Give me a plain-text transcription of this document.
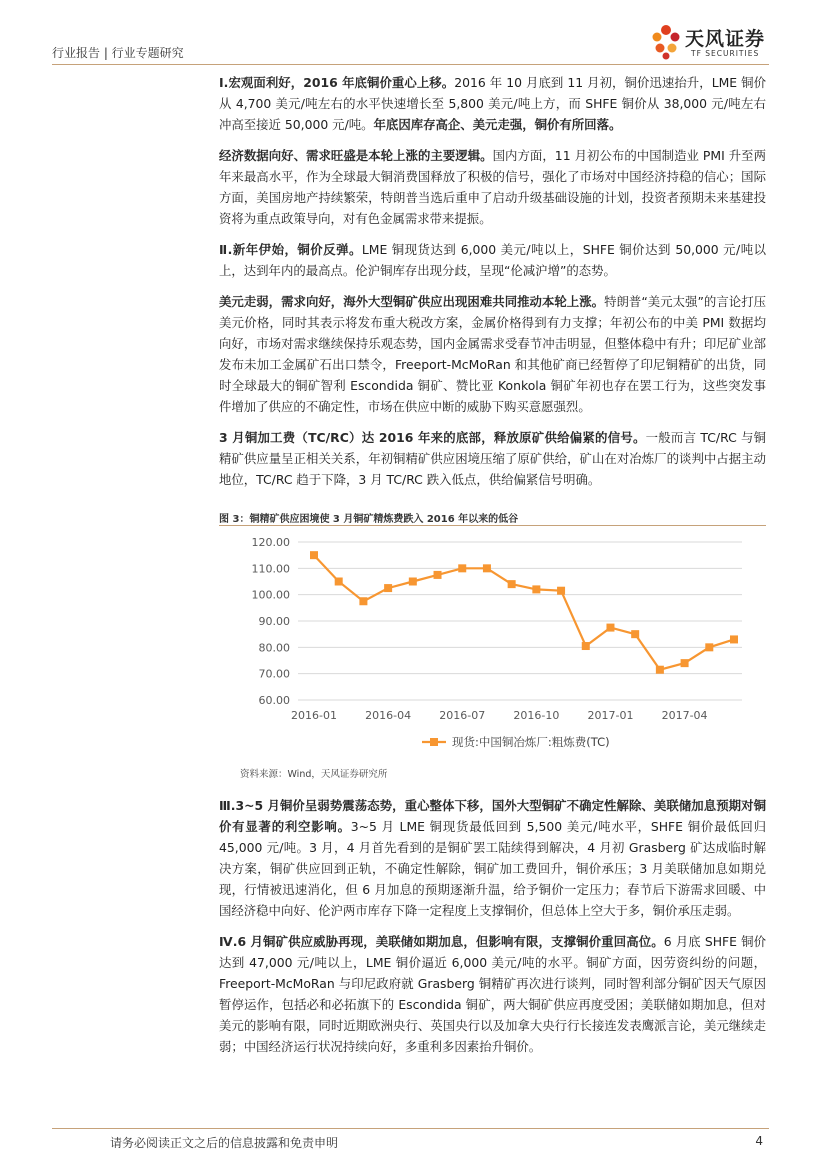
行业报告 | 行业专题研究
天风证券
TF SECURITIES

Ⅰ.宏观面利好，2016 年底铜价重心上移。2016 年 10 月底到 11 月初，铜价迅速抬升，LME 铜价从 4,700 美元/吨左右的水平快速增长至 5,800 美元/吨上方，而 SHFE 铜价从 38,000 元/吨左右冲高至接近 50,000 元/吨。年底因库存高企、美元走强，铜价有所回落。

经济数据向好、需求旺盛是本轮上涨的主要逻辑。国内方面，11 月初公布的中国制造业 PMI 升至两年来最高水平，作为全球最大铜消费国释放了积极的信号，强化了市场对中国经济持稳的信心；国际方面，美国房地产持续繁荣，特朗普当选后重申了启动升级基础设施的计划，投资者预期未来基建投资将为重点政策导向，对有色金属需求带来提振。

Ⅱ.新年伊始，铜价反弹。LME 铜现货达到 6,000 美元/吨以上，SHFE 铜价达到 50,000 元/吨以上，达到年内的最高点。伦沪铜库存出现分歧，呈现“伦减沪增”的态势。

美元走弱，需求向好，海外大型铜矿供应出现困难共同推动本轮上涨。特朗普“美元太强”的言论打压美元价格，同时其表示将发布重大税改方案，金属价格得到有力支撑；年初公布的中美 PMI 数据均向好，市场对需求继续保持乐观态势，国内金属需求受春节冲击明显，但整体稳中有升；印尼矿业部发布未加工金属矿石出口禁令，Freeport-McMoRan 和其他矿商已经暂停了印尼铜精矿的出货，同时全球最大的铜矿智利 Escondida 铜矿、赞比亚 Konkola 铜矿年初也存在罢工行为，这些突发事件增加了供应的不确定性，市场在供应中断的威胁下购买意愿强烈。

3 月铜加工费（TC/RC）达 2016 年来的底部，释放原矿供给偏紧的信号。一般而言 TC/RC 与铜精矿供应量呈正相关关系，年初铜精矿供应困境压缩了原矿供给，矿山在对冶炼厂的谈判中占据主动地位，TC/RC 趋于下降，3 月 TC/RC 跌入低点，供给偏紧信号明确。

图 3：铜精矿供应困境使 3 月铜矿精炼费跌入 2016 年以来的低谷
120.00
110.00
100.00
90.00
80.00
70.00
60.00
2016-01	2016-04	2016-07	2016-10	2017-01	2017-04
现货:中国铜冶炼厂:粗炼费(TC)
资料来源：Wind，天风证券研究所

Ⅲ.3~5 月铜价呈弱势震荡态势，重心整体下移，国外大型铜矿不确定性解除、美联储加息预期对铜价有显著的利空影响。3~5 月 LME 铜现货最低回到 5,500 美元/吨水平，SHFE 铜价最低回归 45,000 元/吨。3 月，4 月首先看到的是铜矿罢工陆续得到解决，4 月初 Grasberg 矿达成临时解决方案，铜矿供应回到正轨，不确定性解除，铜矿加工费回升，铜价承压；3 月美联储加息如期兑现，行情被迅速消化，但 6 月加息的预期逐渐升温，给予铜价一定压力；春节后下游需求回暖、中国经济稳中向好、伦沪两市库存下降一定程度上支撑铜价，但总体上空大于多，铜价承压走弱。

Ⅳ.6 月铜矿供应威胁再现，美联储如期加息，但影响有限，支撑铜价重回高位。6 月底 SHFE 铜价达到 47,000 元/吨以上，LME 铜价逼近 6,000 美元/吨的水平。铜矿方面，因劳资纠纷的问题，Freeport-McMoRan 与印尼政府就 Grasberg 铜精矿再次进行谈判，同时智利部分铜矿因天气原因暂停运作，包括必和必拓旗下的 Escondida 铜矿，两大铜矿供应再度受困；美联储如期加息，但对美元的影响有限，同时近期欧洲央行、英国央行以及加拿大央行行长接连发表鹰派言论，美元继续走弱；中国经济运行状况持续向好，多重利多因素抬升铜价。

请务必阅读正文之后的信息披露和免责申明	4
